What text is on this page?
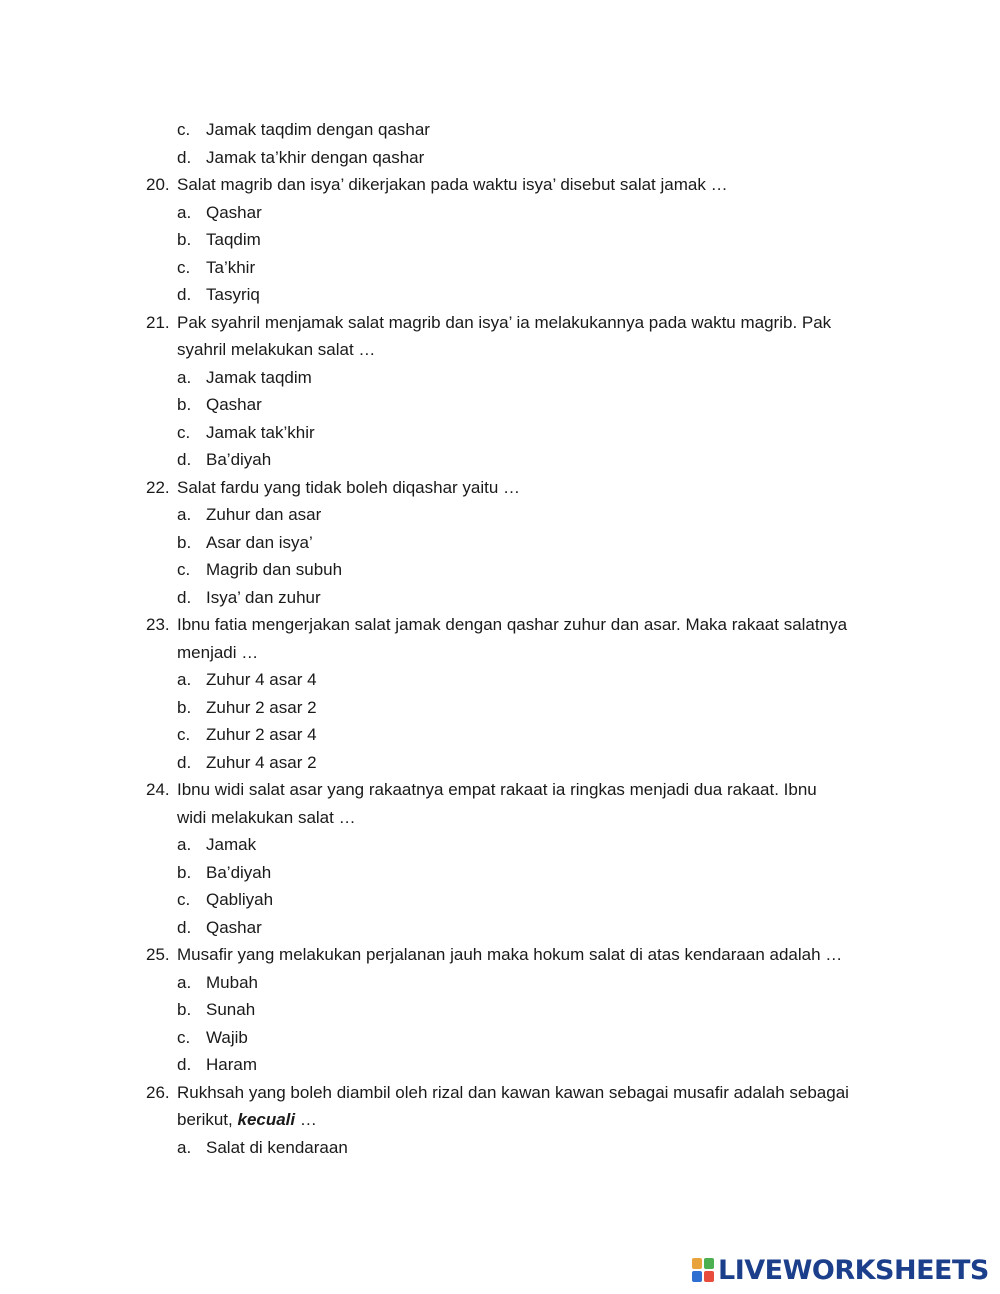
c. Jamak taqdim dengan qashar
d. Jamak ta’khir dengan qashar
20. Salat magrib dan isya’ dikerjakan pada waktu isya’ disebut salat jamak …
a. Qashar
b. Taqdim
c. Ta’khir
d. Tasyriq
21. Pak syahril menjamak salat magrib dan isya’ ia melakukannya pada waktu magrib. Pak
syahril melakukan salat …
a. Jamak taqdim
b. Qashar
c. Jamak tak’khir
d. Ba’diyah
22. Salat fardu yang tidak boleh diqashar yaitu …
a. Zuhur dan asar
b. Asar dan isya’
c. Magrib dan subuh
d. Isya’ dan zuhur
23. Ibnu fatia mengerjakan salat jamak dengan qashar zuhur dan asar. Maka rakaat salatnya
menjadi …
a. Zuhur 4 asar 4
b. Zuhur 2 asar 2
c. Zuhur 2 asar 4
d. Zuhur 4 asar 2
24. Ibnu widi salat asar yang rakaatnya empat rakaat ia ringkas menjadi dua rakaat. Ibnu
widi melakukan salat …
a. Jamak
b. Ba’diyah
c. Qabliyah
d. Qashar
25. Musafir yang melakukan perjalanan jauh maka hokum salat di atas kendaraan adalah …
a. Mubah
b. Sunah
c. Wajib
d. Haram
26. Rukhsah yang boleh diambil oleh rizal dan kawan kawan sebagai musafir adalah sebagai
berikut, kecuali …
a. Salat di kendaraan
LIVEWORKSHEETS
